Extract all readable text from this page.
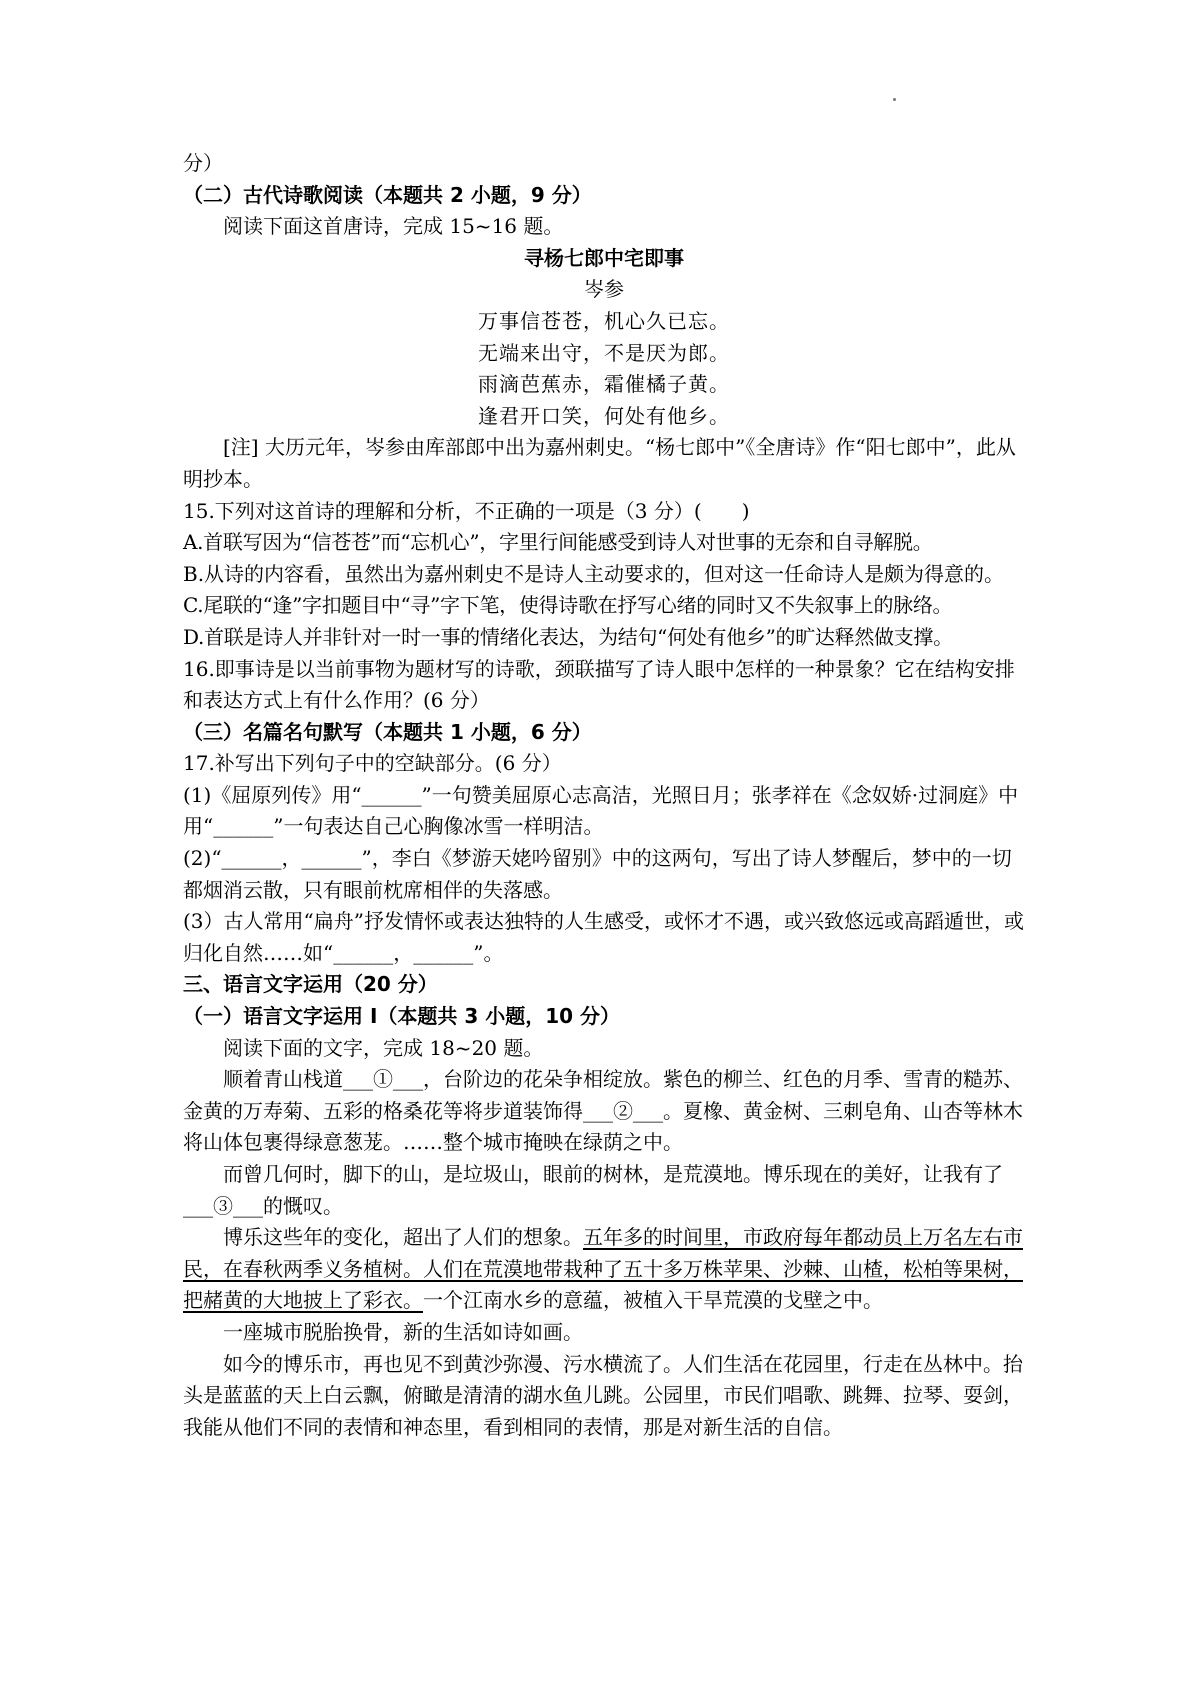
分）
（二）古代诗歌阅读（本题共 2 小题，9 分）
阅读下面这首唐诗，完成 15~16 题。
寻杨七郎中宅即事
岑参
万事信苍苍，机心久已忘。
无端来出守，不是厌为郎。
雨滴芭蕉赤，霜催橘子黄。
逢君开口笑，何处有他乡。
[注] 大历元年，岑参由库部郎中出为嘉州刺史。“杨七郎中”《全唐诗》作“阳七郎中”，此从明抄本。
15.下列对这首诗的理解和分析，不正确的一项是（3 分）(　　)
A.首联写因为“信苍苍”而“忘机心”，字里行间能感受到诗人对世事的无奈和自寻解脱。
B.从诗的内容看，虽然出为嘉州刺史不是诗人主动要求的，但对这一任命诗人是颇为得意的。
C.尾联的“逢”字扣题目中“寻”字下笔，使得诗歌在抒写心绪的同时又不失叙事上的脉络。
D.首联是诗人并非针对一时一事的情绪化表达，为结句“何处有他乡”的旷达释然做支撑。
16.即事诗是以当前事物为题材写的诗歌，颈联描写了诗人眼中怎样的一种景象？它在结构安排和表达方式上有什么作用？(6 分）
（三）名篇名句默写（本题共 1 小题，6 分）
17.补写出下列句子中的空缺部分。(6 分）
(1)《屈原列传》用“______”一句赞美屈原心志高洁，光照日月；张孝祥在《念奴娇·过洞庭》中用“______”一句表达自己心胸像冰雪一样明洁。
(2)“______，______”，李白《梦游天姥吟留别》中的这两句，写出了诗人梦醒后，梦中的一切都烟消云散，只有眼前枕席相伴的失落感。
(3）古人常用“扁舟”抒发情怀或表达独特的人生感受，或怀才不遇，或兴致悠远或高蹈遁世，或归化自然……如“______，______”。
三、语言文字运用（20 分）
（一）语言文字运用 I（本题共 3 小题，10 分）
阅读下面的文字，完成 18~20 题。
顺着青山栈道___①___，台阶边的花朵争相绽放。紫色的柳兰、红色的月季、雪青的糙苏、金黄的万寿菊、五彩的格桑花等将步道装饰得___②___。夏橡、黄金树、三刺皂角、山杏等林木将山体包裹得绿意葱茏。……整个城市掩映在绿荫之中。
而曾几何时，脚下的山，是垃圾山，眼前的树林，是荒漠地。博乐现在的美好，让我有了___③___的慨叹。
博乐这些年的变化，超出了人们的想象。五年多的时间里，市政府每年都动员上万名左右市民，在春秋两季义务植树。人们在荒漠地带栽种了五十多万株苹果、沙棘、山楂，松柏等果树，把赭黄的大地披上了彩衣。一个江南水乡的意蕴，被植入干旱荒漠的戈壁之中。
一座城市脱胎换骨，新的生活如诗如画。
如今的博乐市，再也见不到黄沙弥漫、污水横流了。人们生活在花园里，行走在丛林中。抬头是蓝蓝的天上白云飘，俯瞰是清清的湖水鱼儿跳。公园里，市民们唱歌、跳舞、拉琴、耍剑，我能从他们不同的表情和神态里，看到相同的表情，那是对新生活的自信。
